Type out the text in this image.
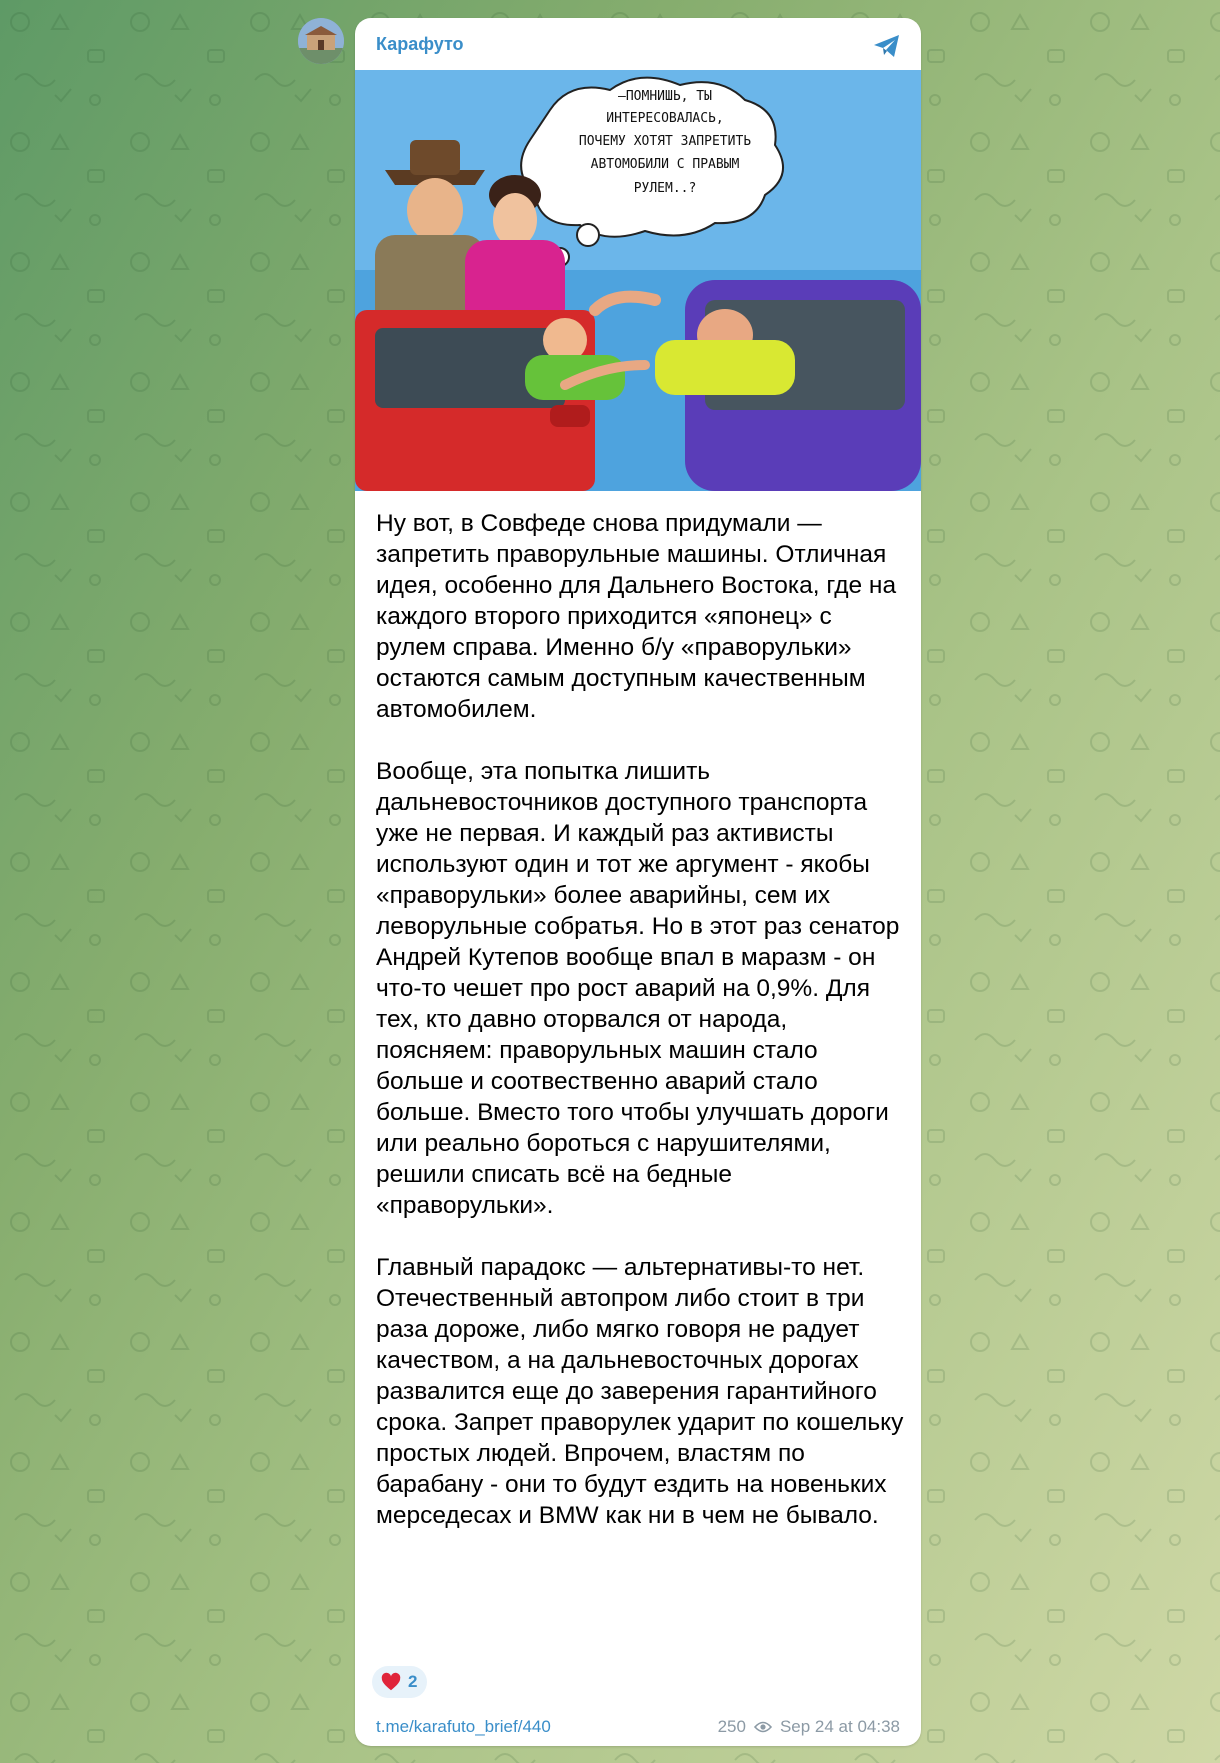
Карафуто
—ПОМНИШЬ, ТЫ
ИНТЕРЕСОВАЛАСЬ,
ПОЧЕМУ ХОТЯТ ЗАПРЕТИТЬ
АВТОМОБИЛИ С ПРАВЫМ
РУЛЕМ..?

Ну вот, в Совфеде снова придумали — запретить праворульные машины. Отличная идея, особенно для Дальнего Востока, где на каждого второго приходится «японец» с рулем справа. Именно б/у «праворульки» остаются самым доступным качественным автомобилем.

Вообще, эта попытка лишить дальневосточников доступного транспорта уже не первая. И каждый раз активисты используют один и тот же аргумент - якобы «праворульки» более аварийны, сем их леворульные собратья. Но в этот раз сенатор Андрей Кутепов вообще впал в маразм - он что-то чешет про рост аварий на 0,9%. Для тех, кто давно оторвался от народа, поясняем: праворульных машин стало больше и соотвественно аварий стало больше. Вместо того чтобы улучшать дороги или реально бороться с нарушителями, решили списать всё на бедные «праворульки».

Главный парадокс — альтернативы-то нет. Отечественный автопром либо стоит в три раза дороже, либо мягко говоря не радует качеством, а на дальневосточных дорогах развалится еще до заверения гарантийного срока. Запрет праворулек ударит по кошельку простых людей. Впрочем, властям по барабану - они то будут ездить на новеньких мерседесах и BMW как ни в чем не бывало.

2
t.me/karafuto_brief/440	250 Sep 24 at 04:38
